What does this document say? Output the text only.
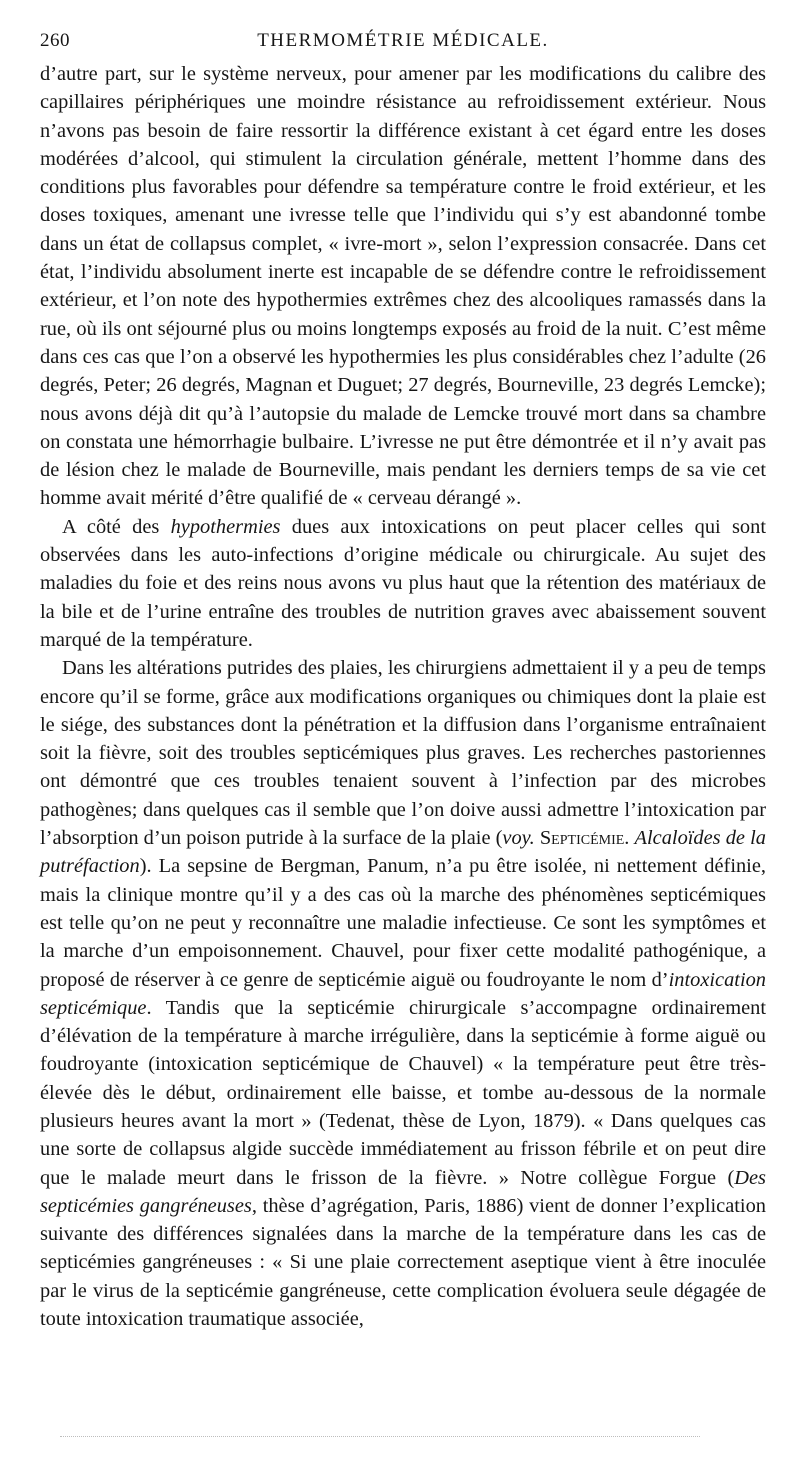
260	THERMOMÉTRIE MÉDICALE.

d’autre part, sur le système nerveux, pour amener par les modifications du calibre des capillaires périphériques une moindre résistance au refroidissement extérieur. Nous n’avons pas besoin de faire ressortir la différence existant à cet égard entre les doses modérées d’alcool, qui stimulent la circulation générale, mettent l’homme dans des conditions plus favorables pour défendre sa température contre le froid extérieur, et les doses toxiques, amenant une ivresse telle que l’individu qui s’y est abandonné tombe dans un état de collapsus complet, « ivre-mort », selon l’expression consacrée. Dans cet état, l’individu absolument inerte est incapable de se défendre contre le refroidissement extérieur, et l’on note des hypothermies extrêmes chez des alcooliques ramassés dans la rue, où ils ont séjourné plus ou moins longtemps exposés au froid de la nuit. C’est même dans ces cas que l’on a observé les hypothermies les plus considérables chez l’adulte (26 degrés, Peter; 26 degrés, Magnan et Duguet; 27 degrés, Bourneville, 23 degrés Lemcke); nous avons déjà dit qu’à l’autopsie du malade de Lemcke trouvé mort dans sa chambre on constata une hémorrhagie bulbaire. L’ivresse ne put être démontrée et il n’y avait pas de lésion chez le malade de Bourneville, mais pendant les derniers temps de sa vie cet homme avait mérité d’être qualifié de « cerveau dérangé ».

A côté des hypothermies dues aux intoxications on peut placer celles qui sont observées dans les auto-infections d’origine médicale ou chirurgicale. Au sujet des maladies du foie et des reins nous avons vu plus haut que la rétention des matériaux de la bile et de l’urine entraîne des troubles de nutrition graves avec abaissement souvent marqué de la température.

Dans les altérations putrides des plaies, les chirurgiens admettaient il y a peu de temps encore qu’il se forme, grâce aux modifications organiques ou chimiques dont la plaie est le siége, des substances dont la pénétration et la diffusion dans l’organisme entraînaient soit la fièvre, soit des troubles septicémiques plus graves. Les recherches pastoriennes ont démontré que ces troubles tenaient souvent à l’infection par des microbes pathogènes; dans quelques cas il semble que l’on doive aussi admettre l’intoxication par l’absorption d’un poison putride à la surface de la plaie (voy. Septicémie. Alcaloïdes de la putréfaction). La sepsine de Bergman, Panum, n’a pu être isolée, ni nettement définie, mais la clinique montre qu’il y a des cas où la marche des phénomènes septicémiques est telle qu’on ne peut y reconnaître une maladie infectieuse. Ce sont les symptômes et la marche d’un empoisonnement. Chauvel, pour fixer cette modalité pathogénique, a proposé de réserver à ce genre de septicémie aiguë ou foudroyante le nom d’intoxication septicémique. Tandis que la septicémie chirurgicale s’accompagne ordinairement d’élévation de la température à marche irrégulière, dans la septicémie à forme aiguë ou foudroyante (intoxication septicémique de Chauvel) « la température peut être très-élevée dès le début, ordinairement elle baisse, et tombe au-dessous de la normale plusieurs heures avant la mort » (Tedenat, thèse de Lyon, 1879). « Dans quelques cas une sorte de collapsus algide succède immédiatement au frisson fébrile et on peut dire que le malade meurt dans le frisson de la fièvre. » Notre collègue Forgue (Des septicémies gangréneuses, thèse d’agrégation, Paris, 1886) vient de donner l’explication suivante des différences signalées dans la marche de la température dans les cas de septicémies gangréneuses : « Si une plaie correctement aseptique vient à être inoculée par le virus de la septicémie gangréneuse, cette complication évoluera seule dégagée de toute intoxication traumatique associée,
